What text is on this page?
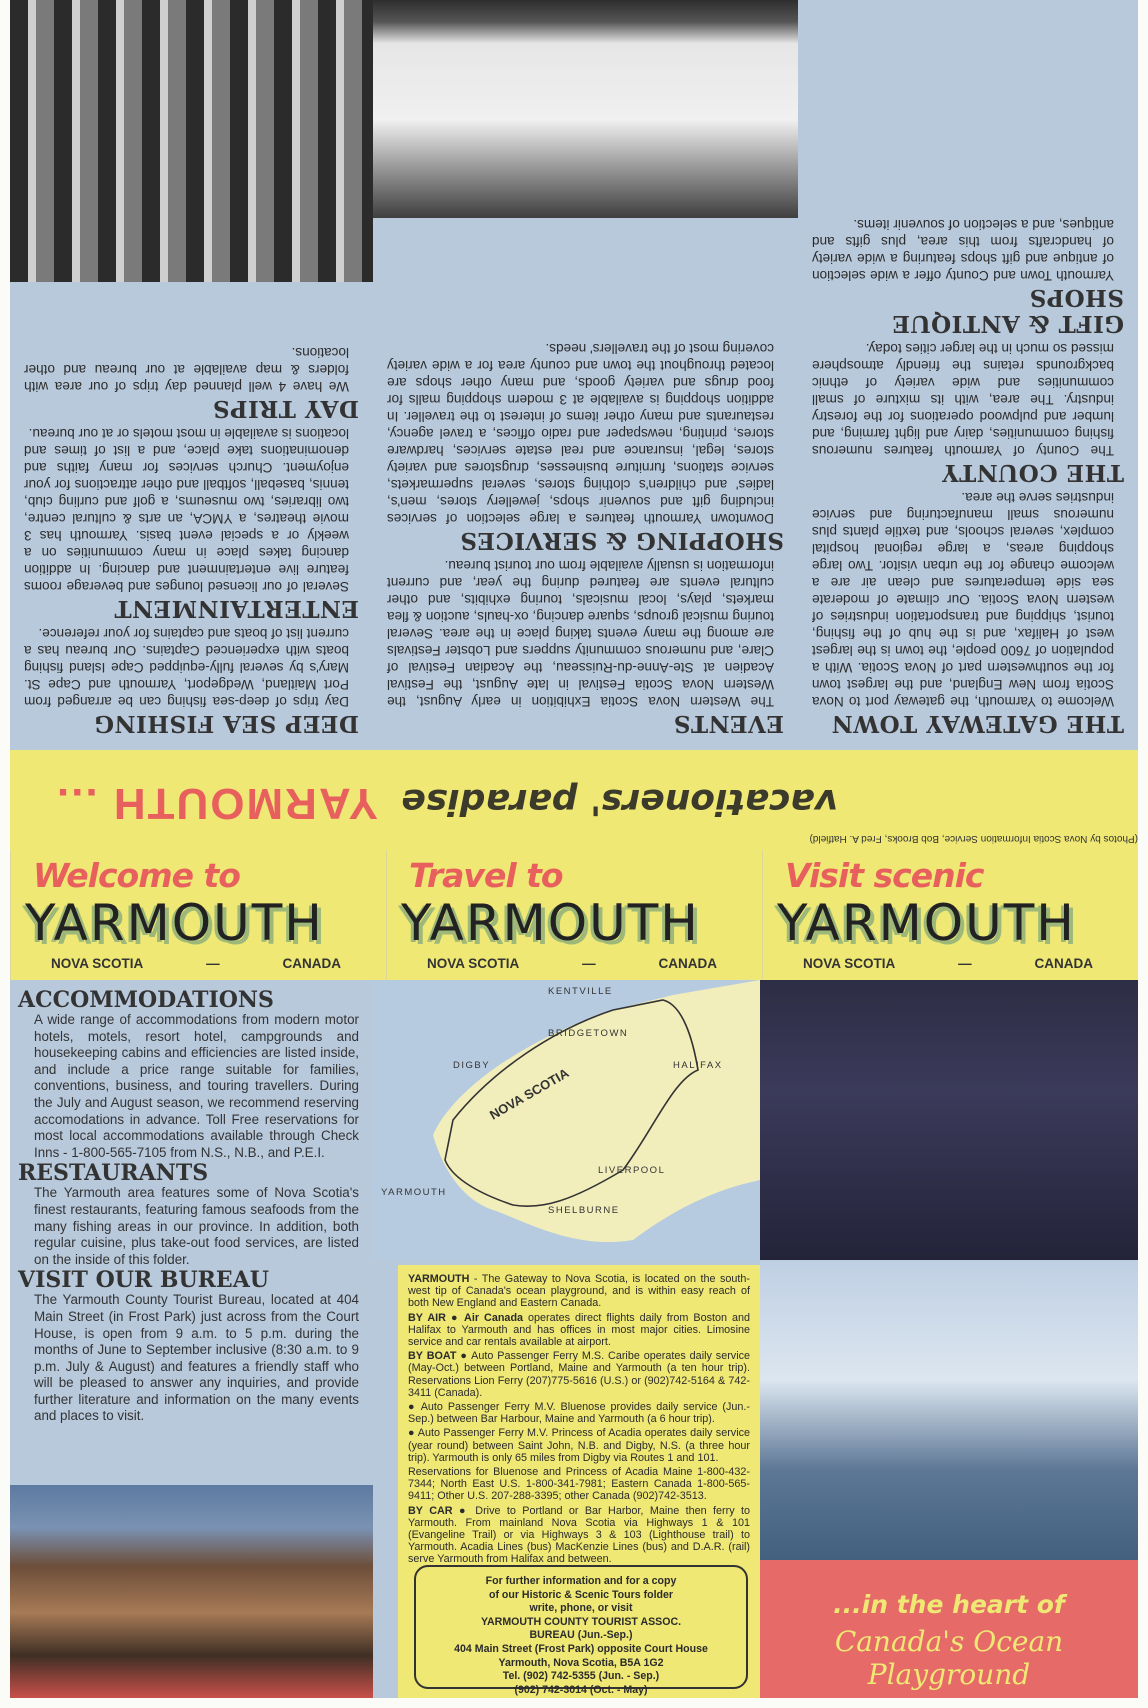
DEEP SEA FISHING

Day trips of deep-sea fishing can be arranged from Port Maitland, Wedgeport, Yarmouth and Cape St. Mary's by several fully-equipped Cape Island fishing boats with experienced Captains. Our bureau has a current list of boats and captains for your reference.

ENTERTAINMENT

Several of our licensed lounges and beverage rooms feature live entertainment and dancing. In addition dancing takes place in many communities on a weekly or a special event basis. Yarmouth has 3 movie theatres, a YMCA, an arts & cultural centre, two libraries, two museums, a golf and curling club, tennis, baseball, softball and other attractions for your enjoyment. Church services for many faiths and denominations take place, and a list of times and locations is available in most motels or at our bureau.

DAY TRIPS

We have 4 well planned day trips of our area with folders & map available at our bureau and other locations.

EVENTS

The Western Nova Scotia Exhibition in early August, the Western Nova Scotia Festival in late August, the Festival Acadien at Ste-Anne-du-Ruisseau, the Acadian Festival of Clare, and numerous community suppers and Lobster Festivals are among the many events taking place in the area. Several touring musical groups, square dancing, ox-hauls, auction & flea markets, plays, local musicals, touring exhibits, and other cultural events are featured during the year, and current information is usually available from our tourist bureau.

SHOPPING & SERVICES

Downtown Yarmouth features a large selection of services including gift and souvenir shops, jewellery stores, men's, ladies' and children's clothing stores, several supermarkets, service stations, furniture businesses, drugstores and variety stores, legal, insurance and real estate services, hardware stores, printing, newspaper and radio offices, a travel agency, restaurants and many other items of interest to the traveller. In addition shopping is available at 3 modern shopping malls for food drugs and variety goods, and many other shops are located throughout the town and county area for a wide variety covering most of the travellers' needs.

THE GATEWAY TOWN

Welcome to Yarmouth, the gateway port to Nova Scotia from New England, and the largest town for the southwestern part of Nova Scotia. With a population of 7600 people, the town is the largest west of Halifax, and is the hub of the fishing, tourist, shipping and transportation industries of western Nova Scotia. Our climate of moderate sea side temperatures and clean air are a welcome change for the urban visitor. Two large shopping areas, a large regional hospital complex, several schools, and textile plants plus numerous small manufacturing and service industries serve the area.

THE COUNTY

The County of Yarmouth features numerous fishing communities, dairy and light farming, and lumber and pulpwood operations for the forestry industry. The area, with its mixture of small communities and wide variety of ethnic backgrounds retains the friendly atmosphere missed so much in the larger cities today.

GIFT & ANTIQUE SHOPS

Yarmouth Town and County offer a wide selection of antique and gift shops featuring a wide variety of handcrafts from this area, plus gifts and antiques, and a selection of souvenir items.

(Photos by Nova Scotia Information Service, Bob Brooks, Fred A. Hatfield)
vacationers' paradise
YARMOUTH ...
Welcome to
YARMOUTH
NOVA SCOTIA	—	CANADA
Travel to
YARMOUTH
NOVA SCOTIA	—	CANADA
Visit scenic
YARMOUTH
NOVA SCOTIA	—	CANADA
ACCOMMODATIONS

A wide range of accommodations from modern motor hotels, motels, resort hotel, campgrounds and housekeeping cabins and efficiencies are listed inside, and include a price range suitable for families, conventions, business, and touring travellers. During the July and August season, we recommend reserving accomodations in advance. Toll Free reservations for most local accommodations available through Check Inns - 1-800-565-7105 from N.S., N.B., and P.E.I.

RESTAURANTS

The Yarmouth area features some of Nova Scotia's finest restaurants, featuring famous seafoods from the many fishing areas in our province. In addition, both regular cuisine, plus take-out food services, are listed on the inside of this folder.

VISIT OUR BUREAU

The Yarmouth County Tourist Bureau, located at 404 Main Street (in Frost Park) just across from the Court House, is open from 9 a.m. to 5 p.m. during the months of June to September inclusive (8:30 a.m. to 9 p.m. July & August) and features a friendly staff who will be pleased to answer any inquiries, and provide further literature and information on the many events and places to visit.

NOVA SCOTIA
KENTVILLE
BRIDGETOWN
DIGBY	HALIFAX
LIVERPOOL
SHELBURNE
YARMOUTH

YARMOUTH - The Gateway to Nova Scotia, is located on the south-west tip of Canada's ocean playground, and is within easy reach of both New England and Eastern Canada.

BY AIR ● Air Canada operates direct flights daily from Boston and Halifax to Yarmouth and has offices in most major cities. Limosine service and car rentals available at airport.

BY BOAT ● Auto Passenger Ferry M.S. Caribe operates daily service (May-Oct.) between Portland, Maine and Yarmouth (a ten hour trip). Reservations Lion Ferry (207)775-5616 (U.S.) or (902)742-5164 & 742-3411 (Canada).

● Auto Passenger Ferry M.V. Bluenose provides daily service (Jun.-Sep.) between Bar Harbour, Maine and Yarmouth (a 6 hour trip).

● Auto Passenger Ferry M.V. Princess of Acadia operates daily service (year round) between Saint John, N.B. and Digby, N.S. (a three hour trip). Yarmouth is only 65 miles from Digby via Routes 1 and 101.

Reservations for Bluenose and Princess of Acadia Maine 1-800-432-7344; North East U.S. 1-800-341-7981; Eastern Canada 1-800-565-9411; Other U.S. 207-288-3395; other Canada (902)742-3513.

BY CAR ● Drive to Portland or Bar Harbor, Maine then ferry to Yarmouth. From mainland Nova Scotia via Highways 1 & 101 (Evangeline Trail) or via Highways 3 & 103 (Lighthouse trail) to Yarmouth. Acadia Lines (bus) MacKenzie Lines (bus) and D.A.R. (rail) serve Yarmouth from Halifax and between.

For further information and for a copy
of our Historic & Scenic Tours folder
write, phone, or visit
YARMOUTH COUNTY TOURIST ASSOC.
BUREAU (Jun.-Sep.)
404 Main Street (Frost Park) opposite Court House
Yarmouth, Nova Scotia, B5A 1G2
Tel. (902) 742-5355 (Jun. - Sep.)
(902) 742-3014 (Oct. - May)
...in the heart of
Canada's Ocean Playground
